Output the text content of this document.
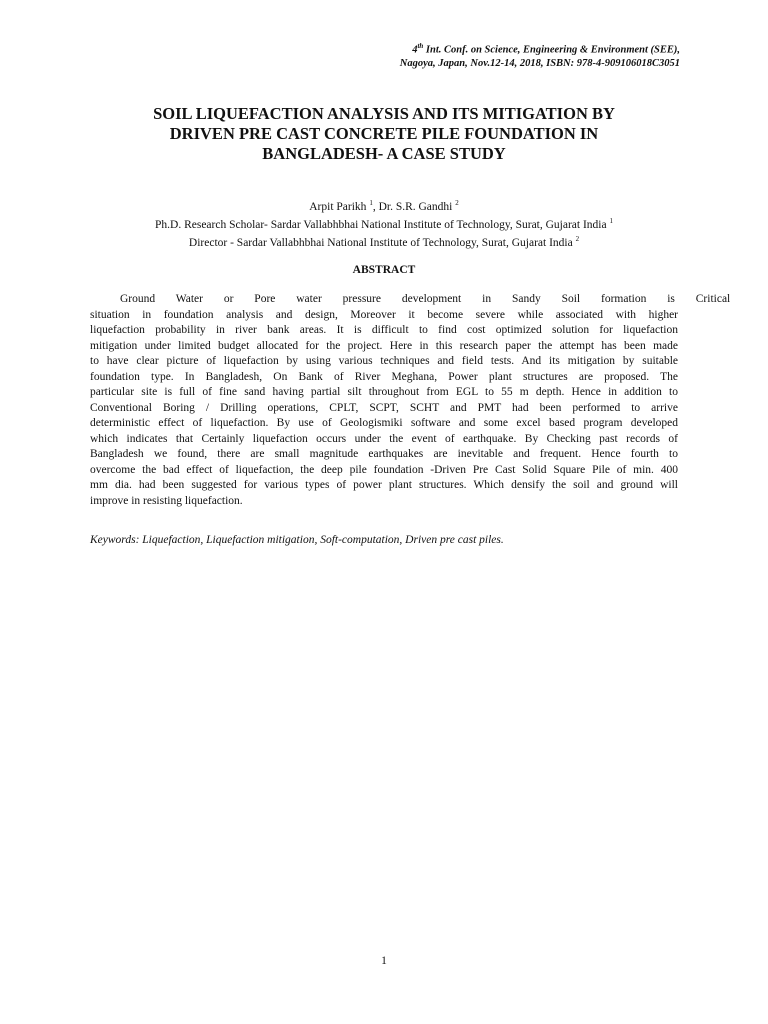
4th Int. Conf. on Science, Engineering & Environment (SEE),
Nagoya, Japan, Nov.12-14, 2018, ISBN: 978-4-909106018C3051
SOIL LIQUEFACTION ANALYSIS AND ITS MITIGATION BY
DRIVEN PRE CAST CONCRETE PILE FOUNDATION IN
BANGLADESH- A CASE STUDY
Arpit Parikh $^1$, Dr. S.R. Gandhi $^2$
Ph.D. Research Scholar- Sardar Vallabhbhai National Institute of Technology, Surat, Gujarat India $^1$
Director - Sardar Vallabhbhai National Institute of Technology, Surat, Gujarat India $^2$
ABSTRACT
Ground Water or Pore water pressure development in Sandy Soil formation is Critical
situation in foundation analysis and design, Moreover it become severe while associated with higher
liquefaction probability in river bank areas. It is difficult to find cost optimized solution for liquefaction
mitigation under limited budget allocated for the project. Here in this research paper the attempt has been made
to have clear picture of liquefaction by using various techniques and field tests. And its mitigation by suitable
foundation type. In Bangladesh, On Bank of River Meghana, Power plant structures are proposed. The
particular site is full of fine sand having partial silt throughout from EGL to 55 m depth. Hence in addition to
Conventional Boring / Drilling operations, CPLT, SCPT, SCHT and PMT had been performed to arrive
deterministic effect of liquefaction. By use of Geologismiki software and some excel based program developed
which indicates that Certainly liquefaction occurs under the event of earthquake. By Checking past records of
Bangladesh we found, there are small magnitude earthquakes are inevitable and frequent. Hence fourth to
overcome the bad effect of liquefaction, the deep pile foundation -Driven Pre Cast Solid Square Pile of min. 400
mm dia. had been suggested for various types of power plant structures. Which densify the soil and ground will
improve in resisting liquefaction.
Keywords: Liquefaction, Liquefaction mitigation, Soft-computation, Driven pre cast piles.
1
